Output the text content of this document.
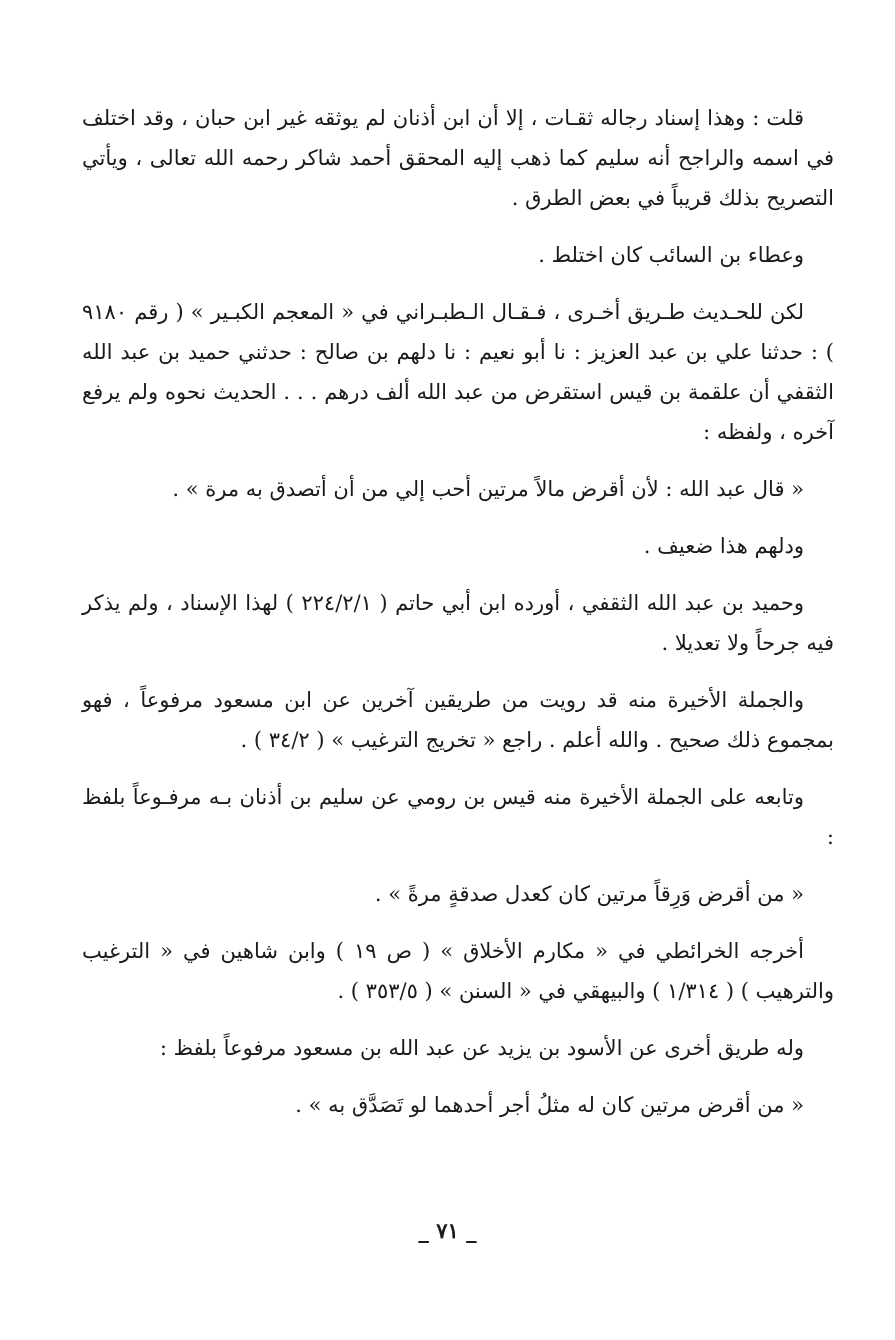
قلت : وهذا إسناد رجاله ثقـات ، إلا أن ابن أذنان لم يوثقه غير ابن حبان ، وقد اختلف في اسمه والراجح أنه سليم كما ذهب إليه المحقق أحمد شاكر رحمه الله تعالى ، ويأتي التصريح بذلك قريباً في بعض الطرق .

وعطاء بن السائب كان اختلط .

لكن للحـديث طـريق أخـرى ، فـقـال الـطبـراني في « المعجم الكبـير » ( رقم ٩١٨٠ ) : حدثنا علي بن عبد العزيز : نا أبو نعيم : نا دلهم بن صالح : حدثني حميد بن عبد الله الثقفي أن علقمة بن قيس استقرض من عبد الله ألف درهم . . . الحديث نحوه ولم يرفع آخره ، ولفظه :

« قال عبد الله : لأن أقرض مالاً مرتين أحب إلي من أن أتصدق به مرة » .

ودلهم هذا ضعيف .

وحميد بن عبد الله الثقفي ، أورده ابن أبي حاتم ( ٢٢٤/٢/١ ) لهذا الإسناد ، ولم يذكر فيه جرحاً ولا تعديلا .

والجملة الأخيرة منه قد رويت من طريقين آخرين عن ابن مسعود مرفوعاً ، فهو بمجموع ذلك صحيح . والله أعلم . راجع « تخريج الترغيب » ( ٣٤/٢ ) .

وتابعه على الجملة الأخيرة منه قيس بن رومي عن سليم بن أذنان بـه مرفـوعاً بلفظ :

« من أقرض وَرِقاً مرتين كان كعدل صدقةٍ مرةً » .

أخرجه الخرائطي في « مكارم الأخلاق » ( ص ١٩ ) وابن شاهين في « الترغيب والترهيب ) ( ١/٣١٤ ) والبيهقي في « السنن » ( ٣٥٣/٥ ) .

وله طريق أخرى عن الأسود بن يزيد عن عبد الله بن مسعود مرفوعاً بلفظ :

« من أقرض مرتين كان له مثلُ أجر أحدهما لو تَصَدَّق به » .

_ ٧١ _
